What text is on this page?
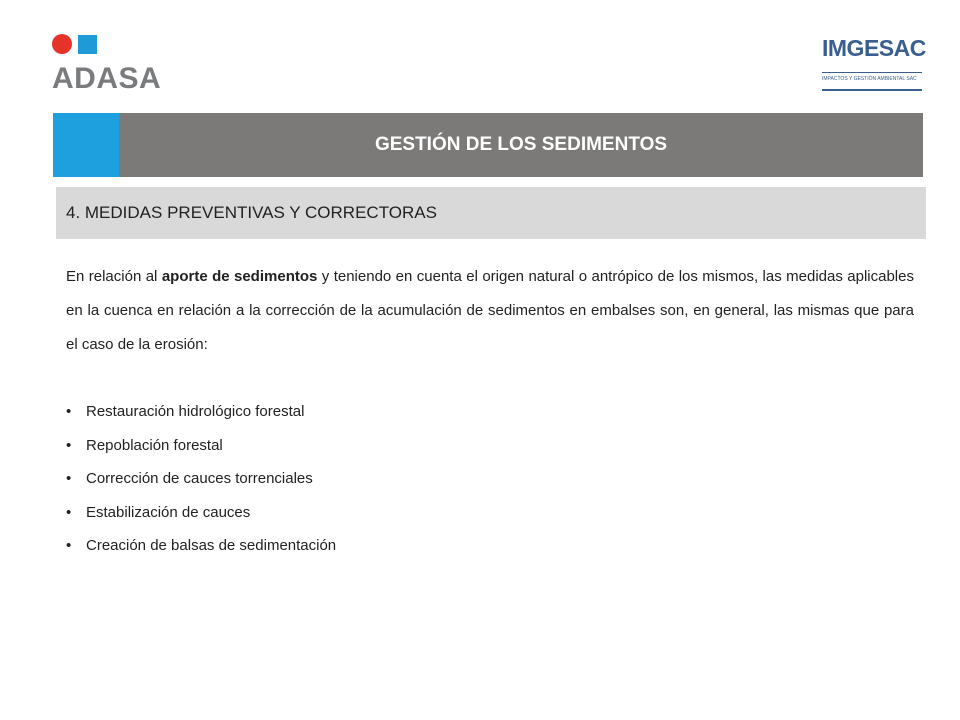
ADASA
IMGESAC
IMPACTOS Y GESTIÓN AMBIENTAL SAC
GESTIÓN DE LOS SEDIMENTOS
4. MEDIDAS PREVENTIVAS Y CORRECTORAS
En relación al aporte de sedimentos y teniendo en cuenta el origen natural o antrópico de los mismos, las medidas aplicables en la cuenca en relación a la corrección de la acumulación de sedimentos en embalses son, en general, las mismas que para el caso de la erosión:
• Restauración hidrológico forestal
• Repoblación forestal
• Corrección de cauces torrenciales
• Estabilización de cauces
• Creación de balsas de sedimentación
